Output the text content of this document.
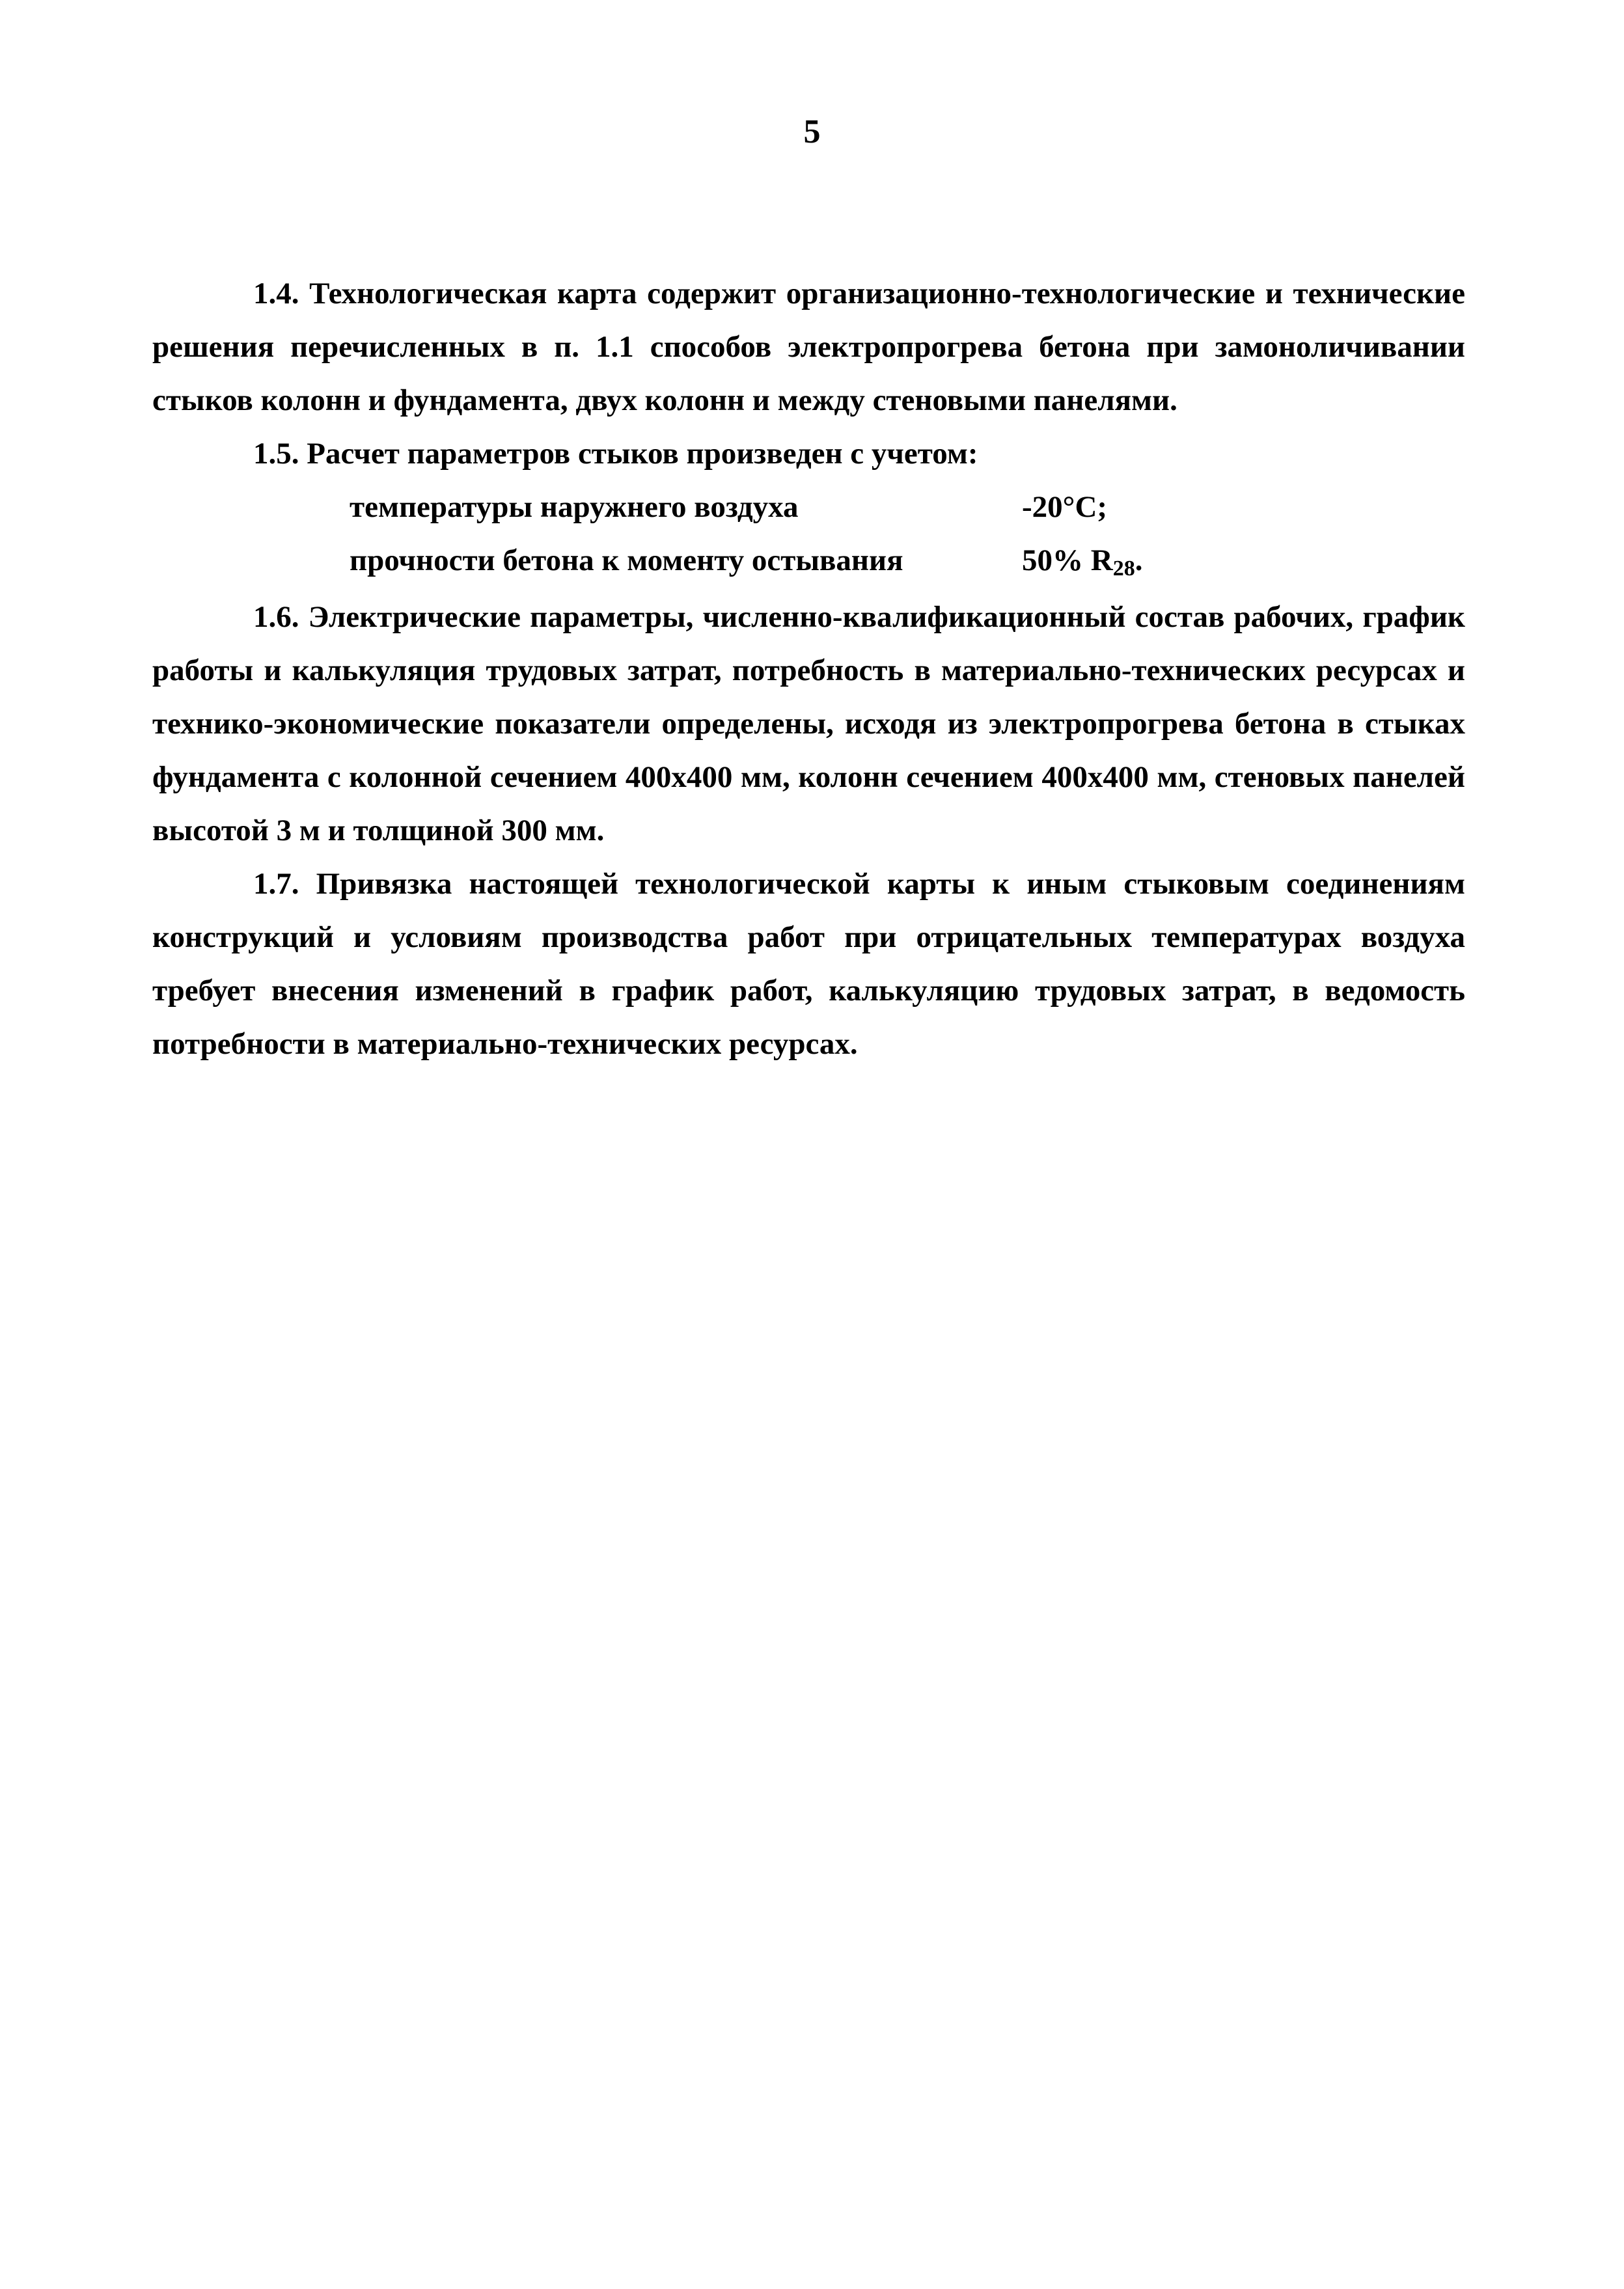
5

1.4. Технологическая карта содержит организационно-технологические и технические решения перечисленных в п. 1.1 способов электропрогрева бетона при замоноличивании стыков колонн и фундамента, двух колонн и между стеновыми панелями.

1.5. Расчет параметров стыков произведен с учетом:

температуры наружнего воздуха	-20°С;
прочности бетона к моменту остывания	50% $R_{28}$.

1.6. Электрические параметры, численно-квалификационный состав рабочих, график работы и калькуляция трудовых затрат, потребность в материально-технических ресурсах и технико-экономические показатели определены, исходя из электропрогрева бетона в стыках фундамента с колонной сечением 400х400 мм, колонн сечением 400х400 мм, стеновых панелей высотой 3 м и толщиной 300 мм.

1.7. Привязка настоящей технологической карты к иным стыковым соединениям конструкций и условиям производства работ при отрицательных температурах воздуха требует внесения изменений в график работ, калькуляцию трудовых затрат, в ведомость потребности в материально-технических ресурсах.
